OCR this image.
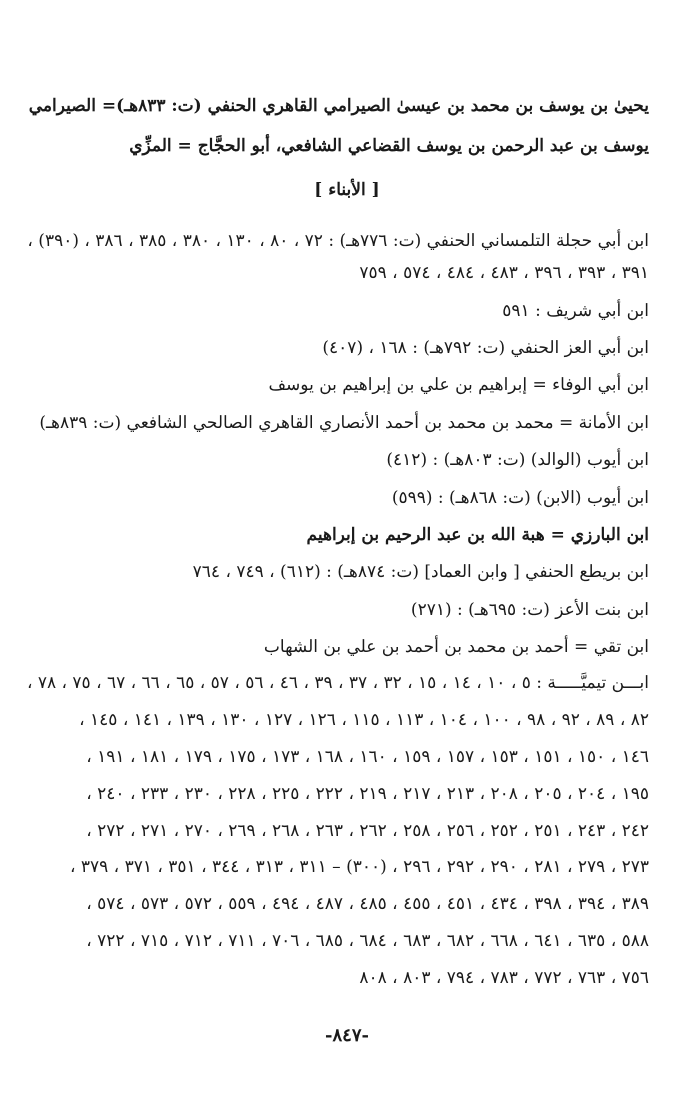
يحيىٰ بن يوسف بن محمد بن عيسىٰ الصيرامي القاهري الحنفي (ت: ٨٣٣هـ)= الصيرامي
يوسف بن عبد الرحمن بن يوسف القضاعي الشافعي، أبو الحجَّاج = المزِّي
[ الأبناء ]
ابن أبي حجلة التلمساني الحنفي (ت: ٧٧٦هـ) : ٧٢ ، ٨٠ ، ١٣٠ ، ٣٨٠ ، ٣٨٥ ، ٣٨٦ ، (٣٩٠) ،
٣٩١ ، ٣٩٣ ، ٣٩٦ ، ٤٨٣ ، ٤٨٤ ، ٥٧٤ ، ٧٥٩
ابن أبي شريف : ٥٩١
ابن أبي العز الحنفي (ت: ٧٩٢هـ) : ١٦٨ ، (٤٠٧)
ابن أبي الوفاء = إبراهيم بن علي بن إبراهيم بن يوسف
ابن الأمانة = محمد بن محمد بن أحمد الأنصاري القاهري الصالحي الشافعي (ت: ٨٣٩هـ)
ابن أيوب (الوالد) (ت: ٨٠٣هـ) : (٤١٢)
ابن أيوب (الابن) (ت: ٨٦٨هـ) : (٥٩٩)
ابن البارزي = هبة الله بن عبد الرحيم بن إبراهيم
ابن بريطع الحنفي [ وابن العماد] (ت: ٨٧٤هـ) : (٦١٢) ، ٧٤٩ ، ٧٦٤
ابن بنت الأعز (ت: ٦٩٥هـ) : (٢٧١)
ابن تقي = أحمد بن محمد بن أحمد بن علي بن الشهاب
ابـــن تيميَّـــــة : ٥ ، ١٠ ، ١٤ ، ١٥ ، ٣٢ ، ٣٧ ، ٣٩ ، ٤٦ ، ٥٦ ، ٥٧ ، ٦٥ ، ٦٦ ، ٦٧ ، ٧٥ ، ٧٨ ،
٨٢ ، ٨٩ ، ٩٢ ، ٩٨ ، ١٠٠ ، ١٠٤ ، ١١٣ ، ١١٥ ، ١٢٦ ، ١٢٧ ، ١٣٠ ، ١٣٩ ، ١٤١ ، ١٤٥ ،
١٤٦ ، ١٥٠ ، ١٥١ ، ١٥٣ ، ١٥٧ ، ١٥٩ ، ١٦٠ ، ١٦٨ ، ١٧٣ ، ١٧٥ ، ١٧٩ ، ١٨١ ، ١٩١ ،
١٩٥ ، ٢٠٤ ، ٢٠٥ ، ٢٠٨ ، ٢١٣ ، ٢١٧ ، ٢١٩ ، ٢٢٢ ، ٢٢٥ ، ٢٢٨ ، ٢٣٠ ، ٢٣٣ ، ٢٤٠ ،
٢٤٢ ، ٢٤٣ ، ٢٥١ ، ٢٥٢ ، ٢٥٦ ، ٢٥٨ ، ٢٦٢ ، ٢٦٣ ، ٢٦٨ ، ٢٦٩ ، ٢٧٠ ، ٢٧١ ، ٢٧٢ ،
٢٧٣ ، ٢٧٩ ، ٢٨١ ، ٢٩٠ ، ٢٩٢ ، ٢٩٦ ، (٣٠٠) – ٣١١ ، ٣١٣ ، ٣٤٤ ، ٣٥١ ، ٣٧١ ، ٣٧٩ ،
٣٨٩ ، ٣٩٤ ، ٣٩٨ ، ٤٣٤ ، ٤٥١ ، ٤٥٥ ، ٤٨٥ ، ٤٨٧ ، ٤٩٤ ، ٥٥٩ ، ٥٧٢ ، ٥٧٣ ، ٥٧٤ ،
٥٨٨ ، ٦٣٥ ، ٦٤١ ، ٦٦٨ ، ٦٨٢ ، ٦٨٣ ، ٦٨٤ ، ٦٨٥ ، ٧٠٦ ، ٧١١ ، ٧١٢ ، ٧١٥ ، ٧٢٢ ،
٧٥٦ ، ٧٦٣ ، ٧٧٢ ، ٧٨٣ ، ٧٩٤ ، ٨٠٣ ، ٨٠٨
-٨٤٧-
